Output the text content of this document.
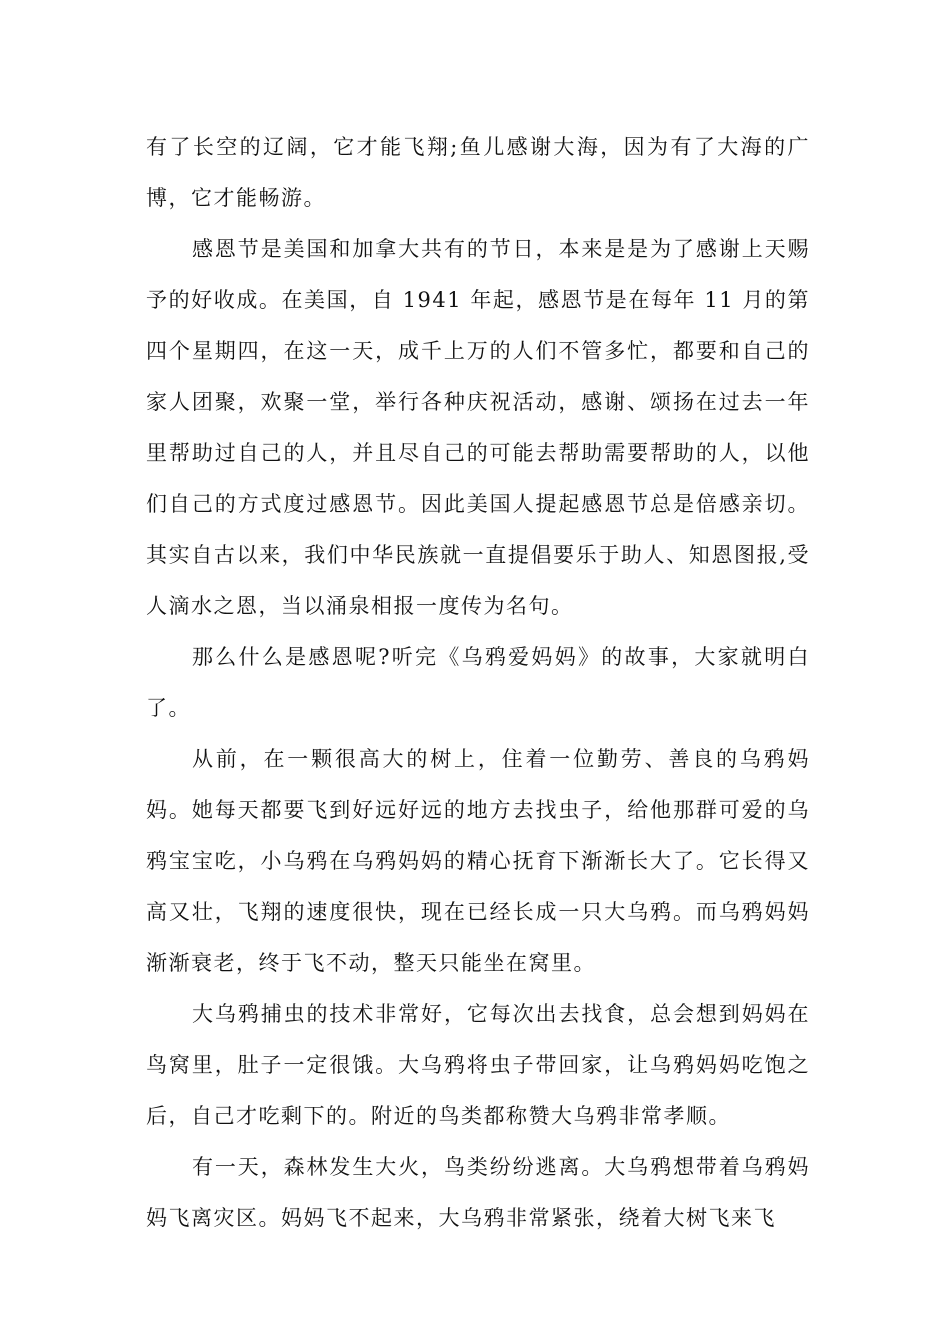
有了长空的辽阔，它才能飞翔;鱼儿感谢大海，因为有了大海的广博，它才能畅游。

感恩节是美国和加拿大共有的节日，本来是是为了感谢上天赐予的好收成。在美国，自 1941 年起，感恩节是在每年 11 月的第四个星期四，在这一天，成千上万的人们不管多忙，都要和自己的家人团聚，欢聚一堂，举行各种庆祝活动，感谢、颂扬在过去一年里帮助过自己的人，并且尽自己的可能去帮助需要帮助的人，以他们自己的方式度过感恩节。因此美国人提起感恩节总是倍感亲切。其实自古以来，我们中华民族就一直提倡要乐于助人、知恩图报,受人滴水之恩，当以涌泉相报一度传为名句。

那么什么是感恩呢?听完《乌鸦爱妈妈》的故事，大家就明白了。

从前，在一颗很高大的树上，住着一位勤劳、善良的乌鸦妈妈。她每天都要飞到好远好远的地方去找虫子，给他那群可爱的乌鸦宝宝吃，小乌鸦在乌鸦妈妈的精心抚育下渐渐长大了。它长得又高又壮，飞翔的速度很快，现在已经长成一只大乌鸦。而乌鸦妈妈渐渐衰老，终于飞不动，整天只能坐在窝里。

大乌鸦捕虫的技术非常好，它每次出去找食，总会想到妈妈在鸟窝里，肚子一定很饿。大乌鸦将虫子带回家，让乌鸦妈妈吃饱之后，自己才吃剩下的。附近的鸟类都称赞大乌鸦非常孝顺。

有一天，森林发生大火，鸟类纷纷逃离。大乌鸦想带着乌鸦妈妈飞离灾区。妈妈飞不起来，大乌鸦非常紧张，绕着大树飞来飞
